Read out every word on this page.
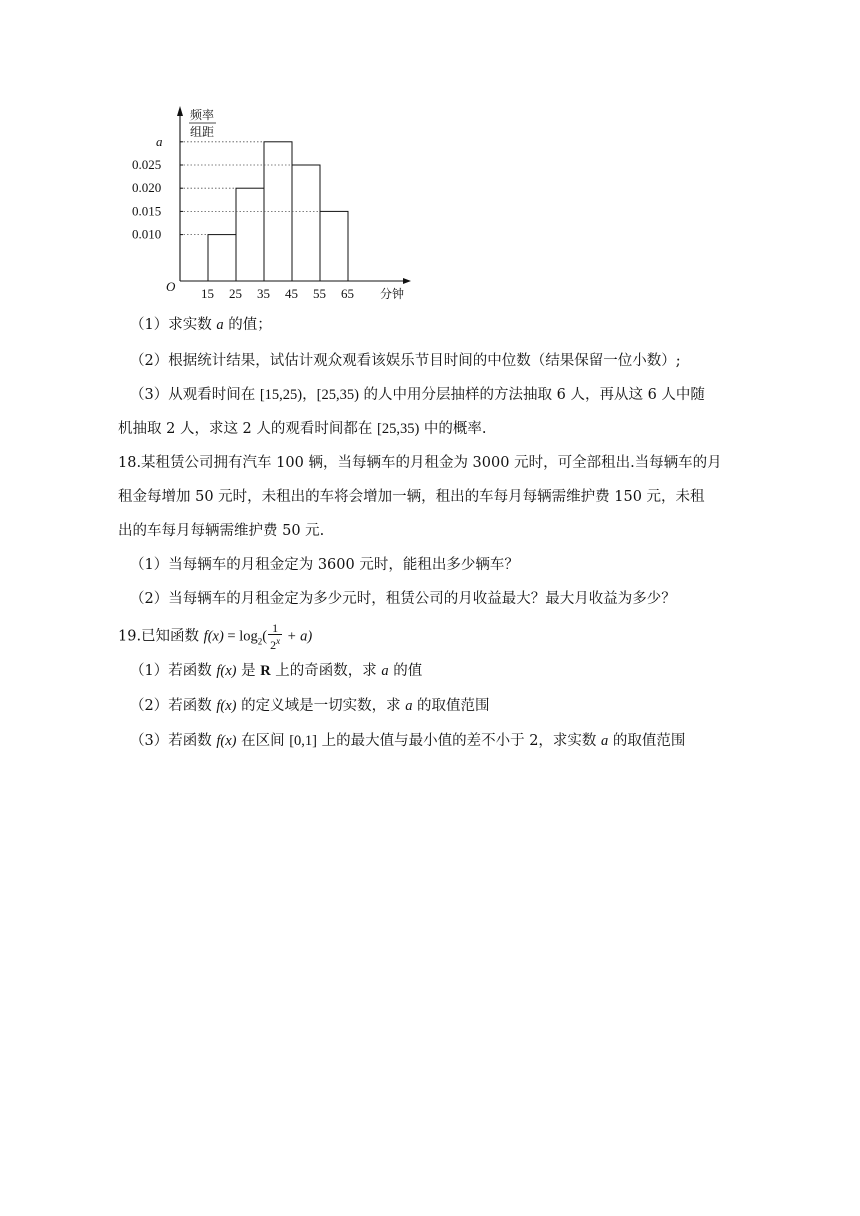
频率
组距
O
0.010
0.015
0.020
0.025
a
15 25 35 45 55 65 分钟
（1）求实数 a 的值；
（2）根据统计结果，试估计观众观看该娱乐节目时间的中位数（结果保留一位小数）;
（3）从观看时间在 [15,25)，[25,35) 的人中用分层抽样的方法抽取 6 人，再从这 6 人中随
机抽取 2 人，求这 2 人的观看时间都在 [25,35) 中的概率.
18.某租赁公司拥有汽车 100 辆，当每辆车的月租金为 3000 元时，可全部租出.当每辆车的月
租金每增加 50 元时，未租出的车将会增加一辆，租出的车每月每辆需维护费 150 元，未租
出的车每月每辆需维护费 50 元.
（1）当每辆车的月租金定为 3600 元时，能租出多少辆车？
（2）当每辆车的月租金定为多少元时，租赁公司的月收益最大？最大月收益为多少？
19.已知函数 $f(x) = \log_2( \frac{1}{2^x} + a)$
（1）若函数 f(x) 是 R 上的奇函数，求 a 的值
（2）若函数 f(x) 的定义域是一切实数，求 a 的取值范围
（3）若函数 f(x) 在区间 [0,1] 上的最大值与最小值的差不小于 2，求实数 a 的取值范围
